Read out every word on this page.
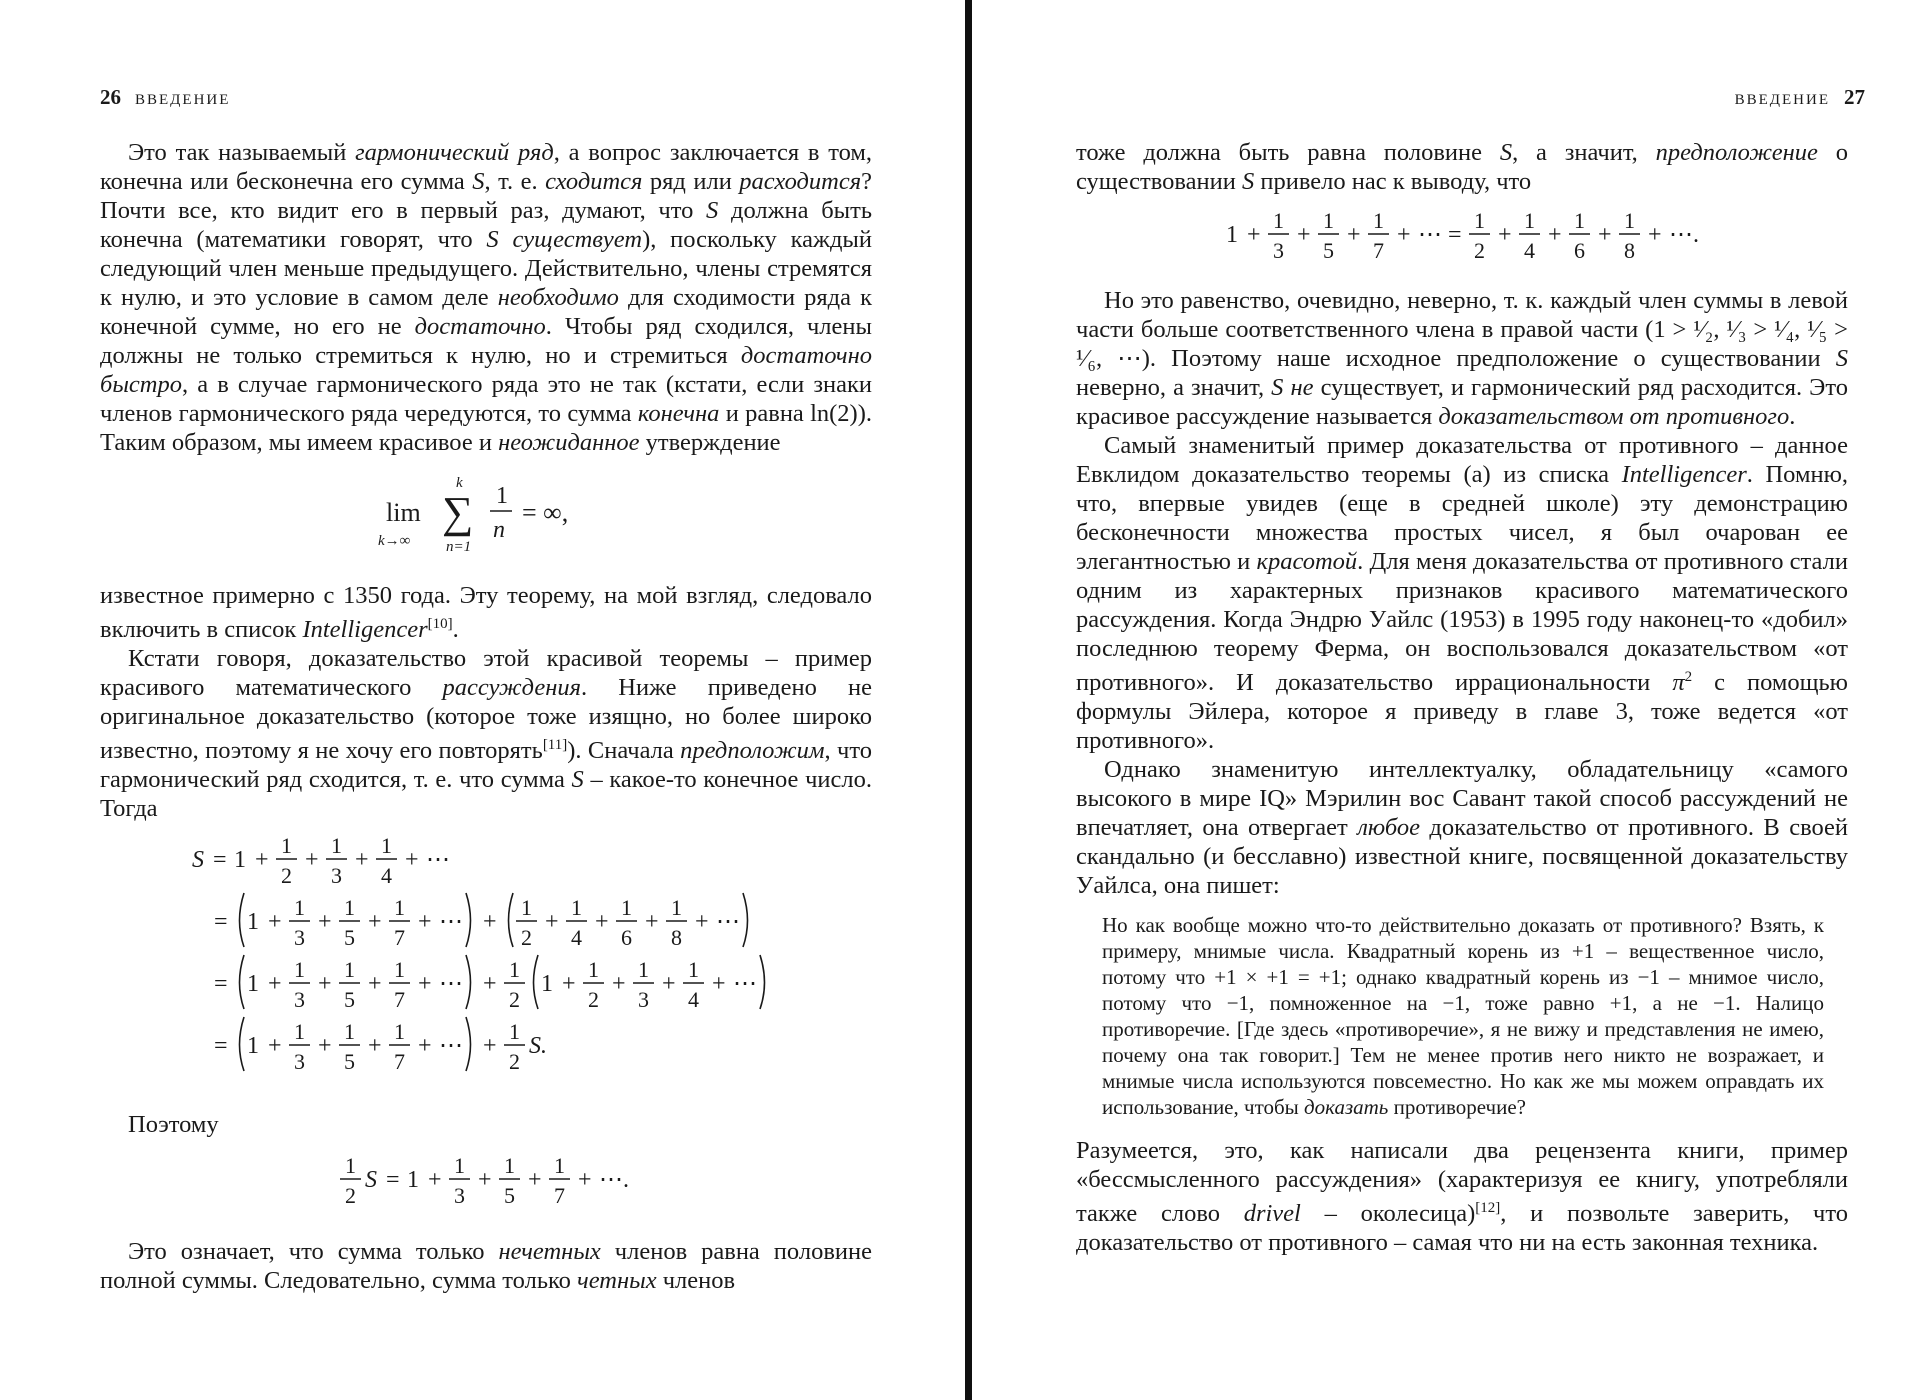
26 ВВЕДЕНИЕ

Это так называемый гармонический ряд, а вопрос заключается в том, конечна или бесконечна его сумма S, т. е. сходится ряд или расходится? Почти все, кто видит его в первый раз, думают, что S должна быть конечна (математики говорят, что S существует), поскольку каждый следующий член меньше предыдущего. Действительно, члены стремятся к нулю, и это условие в самом деле необходимо для сходимости ряда к конечной сумме, но его не достаточно. Чтобы ряд сходился, члены должны не только стремиться к нулю, но и стремиться достаточно быстро, а в случае гармонического ряда это не так (кстати, если знаки членов гармонического ряда чередуются, то сумма конечна и равна ln(2)). Таким образом, мы имеем красивое и неожиданное утверждение

lim
k→∞
∑
k
n=1
1
n
= ∞,

известное примерно с 1350 года. Эту теорему, на мой взгляд, следовало включить в список Intelligencer[10].

Кстати говоря, доказательство этой красивой теоремы – пример красивого математического рассуждения. Ниже приведено не оригинальное доказательство (которое тоже изящно, но более широко известно, поэтому я не хочу его повторять[11]). Сначала предположим, что гармонический ряд сходится, т. е. что сумма S – какое-то конечное число. Тогда

S = 1 +
1
2
+
1
3
+
1
4
+ ⋯
= 1 +
1
3
+
1
5
+
1
7
+ ⋯ +
1
2
+
1
4
+
1
6
+
1
8
+ ⋯
= 1 +
1
3
+
1
5
+
1
7
+ ⋯ +
1
2
1 +
1
2
+
1
3
+
1
4
+ ⋯
= 1 +
1
3
+
1
5
+
1
7
+ ⋯ +
1
2
S.

Поэтому

1
2
S = 1 +
1
3
+
1
5
+
1
7
+ ⋯.

Это означает, что сумма только нечетных членов равна половине полной суммы. Следовательно, сумма только четных членов

ВВЕДЕНИЕ 27

тоже должна быть равна половине S, а значит, предположение о существовании S привело нас к выводу, что

1 +
1
3
+
1
5
+
1
7
+ ⋯ =
1
2
+
1
4
+
1
6
+
1
8
+ ⋯.

Но это равенство, очевидно, неверно, т. к. каждый член суммы в левой части больше соответственного члена в правой части (1 > ¹⁄₂, ¹⁄₃ > ¹⁄₄, ¹⁄₅ > ¹⁄₆, ⋯). Поэтому наше исходное предположение о существовании S неверно, а значит, S не существует, и гармонический ряд расходится. Это красивое рассуждение называется доказательством от противного.

Самый знаменитый пример доказательства от противного – данное Евклидом доказательство теоремы (а) из списка Intelligencer. Помню, что, впервые увидев (еще в средней школе) эту демонстрацию бесконечности множества простых чисел, я был очарован ее элегантностью и красотой. Для меня доказательства от противного стали одним из характерных признаков красивого математического рассуждения. Когда Эндрю Уайлс (1953) в 1995 году наконец-то «добил» последнюю теорему Ферма, он воспользовался доказательством «от противного». И доказательство иррациональности $\pi^2$ с помощью формулы Эйлера, которое я приведу в главе 3, тоже ведется «от противного».

Однако знаменитую интеллектуалку, обладательницу «самого высокого в мире IQ» Мэрилин вос Савант такой способ рассуждений не впечатляет, она отвергает любое доказательство от противного. В своей скандально (и бесславно) известной книге, посвященной доказательству Уайлса, она пишет:

Но как вообще можно что-то действительно доказать от противного? Взять, к примеру, мнимые числа. Квадратный корень из +1 – вещественное число, потому что +1 × +1 = +1; однако квадратный корень из −1 – мнимое число, потому что −1, помноженное на −1, тоже равно +1, а не −1. Налицо противоречие. [Где здесь «противоречие», я не вижу и представления не имею, почему она так говорит.] Тем не менее против него никто не возражает, и мнимые числа используются повсеместно. Но как же мы можем оправдать их использование, чтобы доказать противоречие?

Разумеется, это, как написали два рецензента книги, пример «бессмысленного рассуждения» (характеризуя ее книгу, употребляли также слово drivel – околесица)[12], и позвольте заверить, что доказательство от противного – самая что ни на есть законная техника.
